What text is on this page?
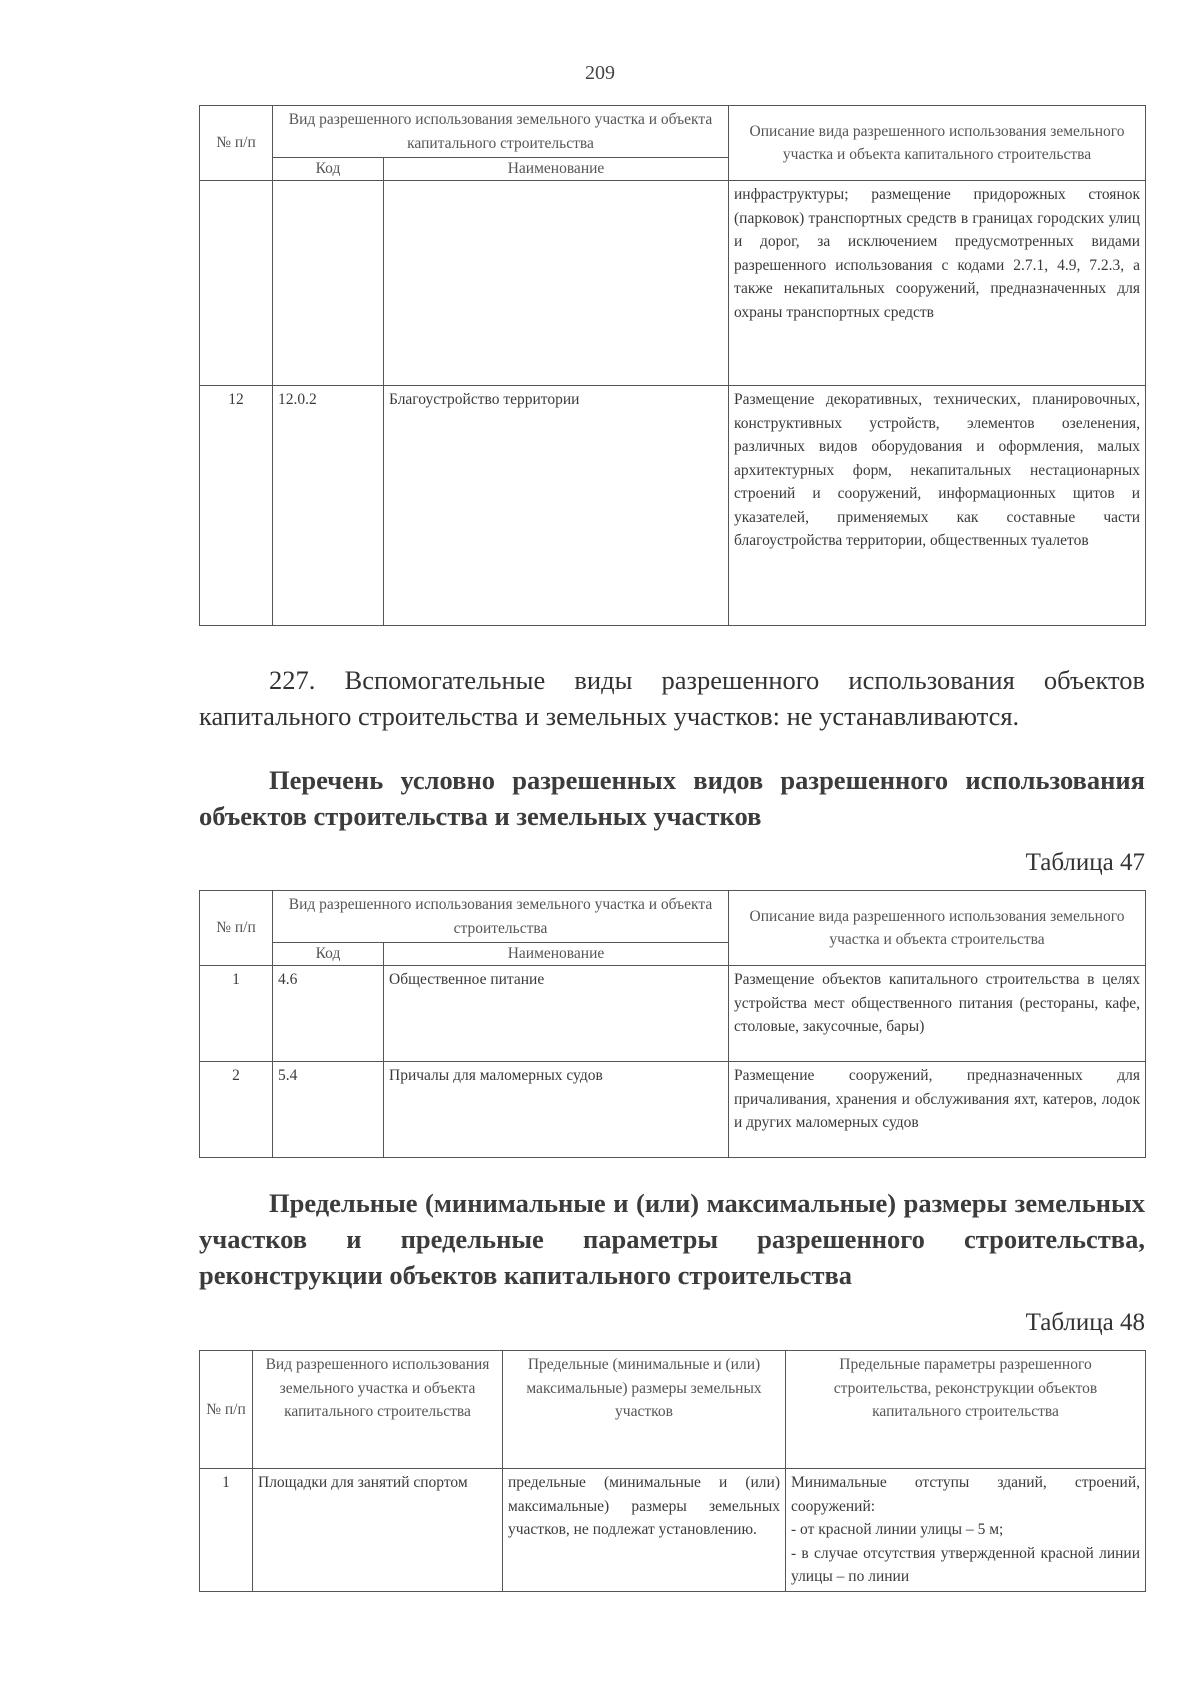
209
№ п/п	Вид разрешенного использования земельного участка и объекта капитального строительства		Описание вида разрешенного использования земельного участка и объекта капитального строительства
	Код	Наименование	
			инфраструктуры; размещение придорожных стоянок (парковок) транспортных средств в границах городских улиц и дорог, за исключением предусмотренных видами разрешенного использования с кодами 2.7.1, 4.9, 7.2.3, а также некапитальных сооружений, предназначенных для охраны транспортных средств
12	12.0.2	Благоустройство территории	Размещение декоративных, технических, планировочных, конструктивных устройств, элементов озеленения, различных видов оборудования и оформления, малых архитектурных форм, некапитальных нестационарных строений и сооружений, информационных щитов и указателей, применяемых как составные части благоустройства территории, общественных туалетов
227. Вспомогательные виды разрешенного использования объектов капитального строительства и земельных участков: не устанавливаются.
Перечень условно разрешенных видов разрешенного использования объектов строительства и земельных участков
Таблица 47
№ п/п	Вид разрешенного использования земельного участка и объекта строительства		Описание вида разрешенного использования земельного участка и объекта строительства
	Код	Наименование	
1	4.6	Общественное питание	Размещение объектов капитального строительства в целях устройства мест общественного питания (рестораны, кафе, столовые, закусочные, бары)
2	5.4	Причалы для маломерных судов	Размещение сооружений, предназначенных для причаливания, хранения и обслуживания яхт, катеров, лодок и других маломерных судов
Предельные (минимальные и (или) максимальные) размеры земельных участков и предельные параметры разрешенного строительства, реконструкции объектов капитального строительства
Таблица 48
№ п/п	Вид разрешенного использования земельного участка и объекта капитального строительства	Предельные (минимальные и (или) максимальные) размеры земельных участков	Предельные параметры разрешенного строительства, реконструкции объектов капитального строительства
1	Площадки для занятий спортом	предельные (минимальные и (или) максимальные) размеры земельных участков, не подлежат установлению.	Минимальные отступы зданий, строений, сооружений:
- от красной линии улицы – 5 м;
- в случае отсутствия утвержденной красной линии улицы – по линии
